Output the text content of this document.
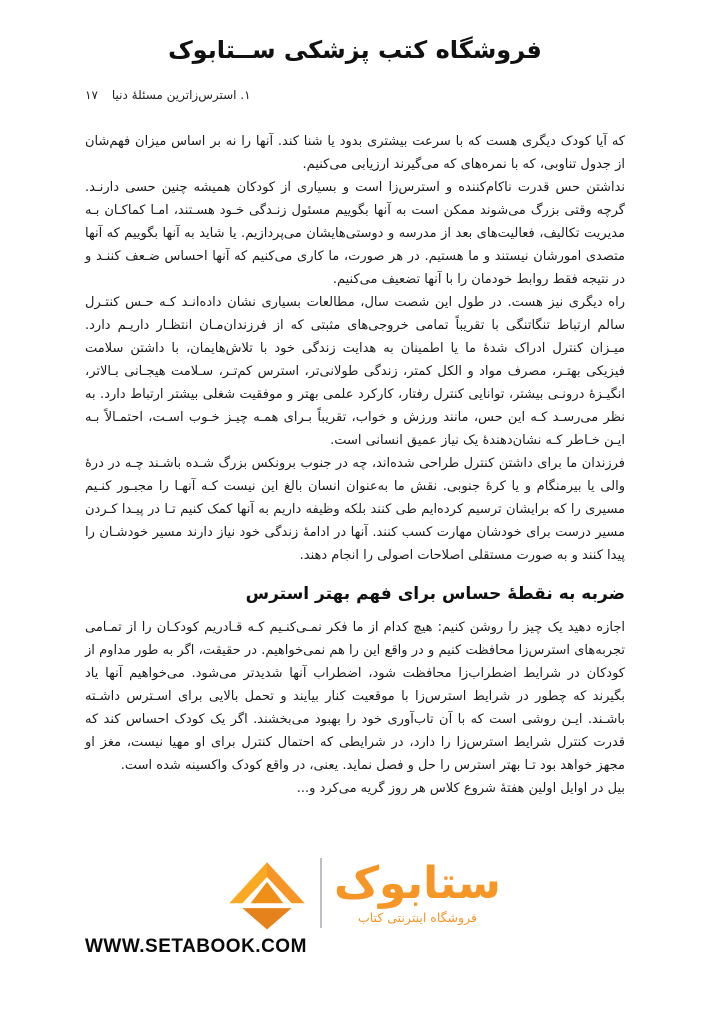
فروشگاه کتب پزشکی ســتابوک
۱. استرس‌زاترین مسئلهٔ دنیا
۱۷

که آیا کودک دیگری هست که با سرعت بیشتری بدود یا شنا کند. آنها را نه بر اساس میزان فهم‌شان از جدول تناوبی، که با نمره‌های که می‌گیرند ارزیابی می‌کنیم.

نداشتن حس قدرت ناکام‌کننده و استرس‌زا است و بسیاری از کودکان همیشه چنین حسی دارنـد. گرچه وقتی بزرگ می‌شوند ممکن است به آنها بگوییم مسئول زنـدگی خـود هسـتند، امـا کماکـان بـه مدیریت تکالیف، فعالیت‌های بعد از مدرسه و دوستی‌هایشان می‌پردازیم. یا شاید به آنها بگوییم که آنها متصدی امورشان نیستند و ما هستیم. در هر صورت، ما کاری می‌کنیم که آنها احساس ضـعف کننـد و در نتیجه فقط روابط خودمان را با آنها تضعیف می‌کنیم.

راه دیگری نیز هست. در طول این شصت سال، مطالعات بسیاری نشان داده‌انـد کـه حـس کنتـرل سالم ارتباط تنگاتنگی با تقریباً تمامی خروجی‌های مثبتی که از فرزندان‌مـان انتظـار داریـم دارد. میـزان کنترل ادراک شدهٔ ما یا اطمینان به هدایت زندگی خود با تلاش‌هایمان، با داشتن سلامت فیزیکی بهتـر، مصرف مواد و الکل کمتر، زندگی طولانی‌تر، استرس کم‌تـر، سـلامت هیجـانی بـالاتر، انگیـزهٔ درونـی بیشتر، توانایی کنترل رفتار، کارکرد علمی بهتر و موفقیت شغلی بیشتر ارتباط دارد. به نظر می‌رسـد کـه این حس، مانند ورزش و خواب، تقریباً بـرای همـه چیـز خـوب اسـت، احتمـالاً بـه ایـن خـاطر کـه نشان‌دهندهٔ یک نیاز عمیق انسانی است.

فرزندان ما برای داشتن کنترل طراحی شده‌اند، چه در جنوب برونکس بزرگ شـده باشـند چـه در درهٔ والی یا بیرمنگام و یا کرهٔ جنوبی. نقش ما به‌عنوان انسان بالغ این نیست کـه آنهـا را مجبـور کنـیم مسیری را که برایشان ترسیم کرده‌ایم طی کنند بلکه وظیفه داریم به آنها کمک کنیم تـا در پیـدا کـردن مسیر درست برای خودشان مهارت کسب کنند. آنها در ادامهٔ زندگی خود نیاز دارند مسیر خودشـان را پیدا کنند و به صورت مستقلی اصلاحات اصولی را انجام دهند.

ضربه به نقطهٔ حساس برای فهم بهتر استرس

اجازه دهید یک چیز را روشن کنیم: هیچ کدام از ما فکر نمـی‌کنـیم کـه قـادریم کودکـان را از تمـامی تجربه‌های استرس‌زا محافظت کنیم و در واقع این را هم نمی‌خواهیم. در حقیقت، اگر به طور مداوم از کودکان در شرایط اضطراب‌زا محافظت شود، اضطراب آنها شدیدتر می‌شود. می‌خواهیم آنها یاد بگیرند که چطور در شرایط استرس‌زا با موقعیت کنار بیایند و تحمل بالایی برای اسـترس داشـته باشـند. ایـن روشی است که با آن تاب‌آوری خود را بهبود می‌بخشند. اگر یک کودک احساس کند که قدرت کنترل شرایط استرس‌زا را دارد، در شرایطی که احتمال کنترل برای او مهیا نیست، مغز او مجهز خواهد بود تـا بهتر استرس را حل و فصل نماید. یعنی، در واقع کودک واکسینه شده است.

بیل در اوایل اولین هفتهٔ شروع کلاس هر روز گریه می‌کرد و...

ستابوک
فروشگاه اینترنتی کتاب
WWW.SETABOOK.COM
